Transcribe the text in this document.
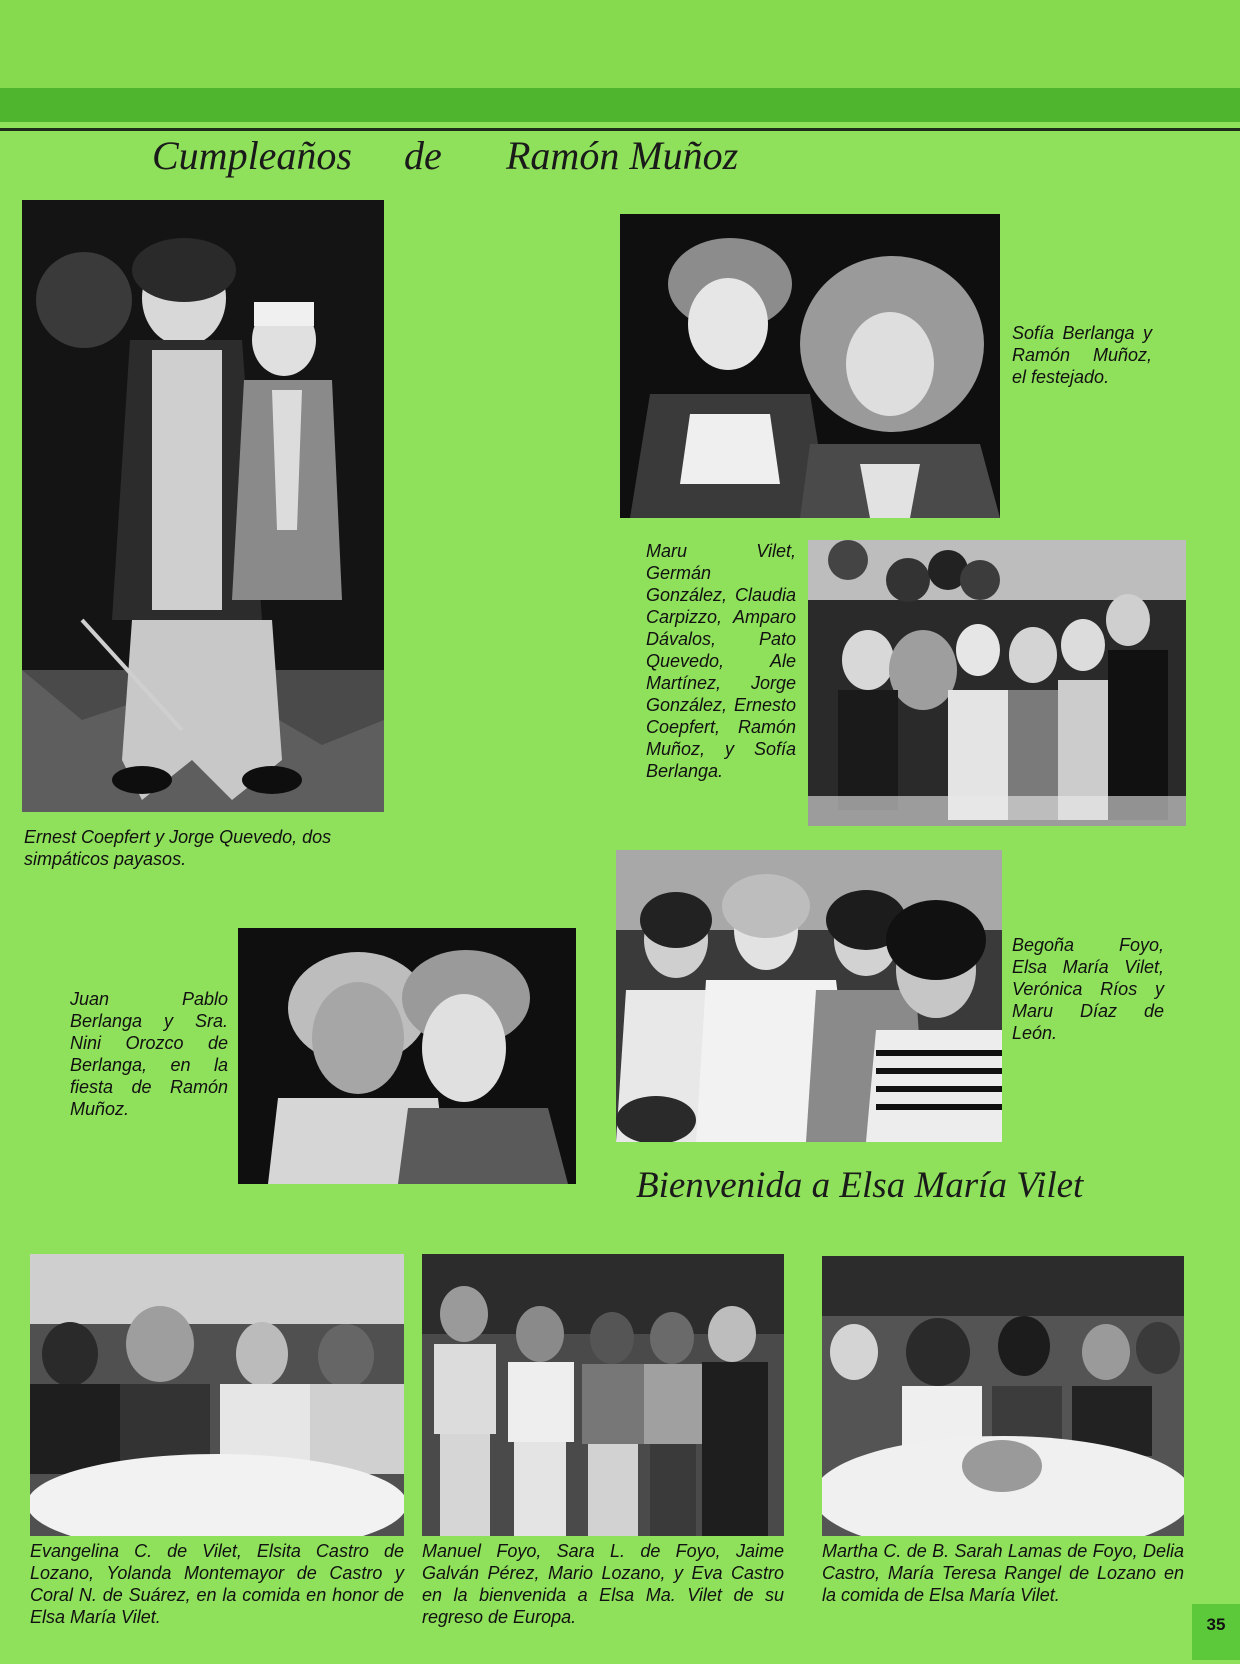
Cumpleaños de Ramón Muñoz

Ernest Coepfert y Jorge Quevedo, dos simpáticos payasos.

Sofía Berlanga y Ramón Muñoz, el festejado.

Maru Vilet, Germán González, Claudia Carpizzo, Amparo Dávalos, Pato Quevedo, Ale Martínez, Jorge González, Ernesto Coepfert, Ramón Muñoz, y Sofía Berlanga.

Begoña Foyo, Elsa María Vilet, Verónica Ríos y Maru Díaz de León.

Juan Pablo Berlanga y Sra. Nini Orozco de Berlanga, en la fiesta de Ramón Muñoz.

Bienvenida a Elsa María Vilet

Evangelina C. de Vilet, Elsita Castro de Lozano, Yolanda Montemayor de Castro y Coral N. de Suárez, en la comida en honor de Elsa María Vilet.

Manuel Foyo, Sara L. de Foyo, Jaime Galván Pérez, Mario Lozano, y Eva Castro en la bienvenida a Elsa Ma. Vilet de su regreso de Europa.

Martha C. de B. Sarah Lamas de Foyo, Delia Castro, María Teresa Rangel de Lozano en la comida de Elsa María Vilet.

35
